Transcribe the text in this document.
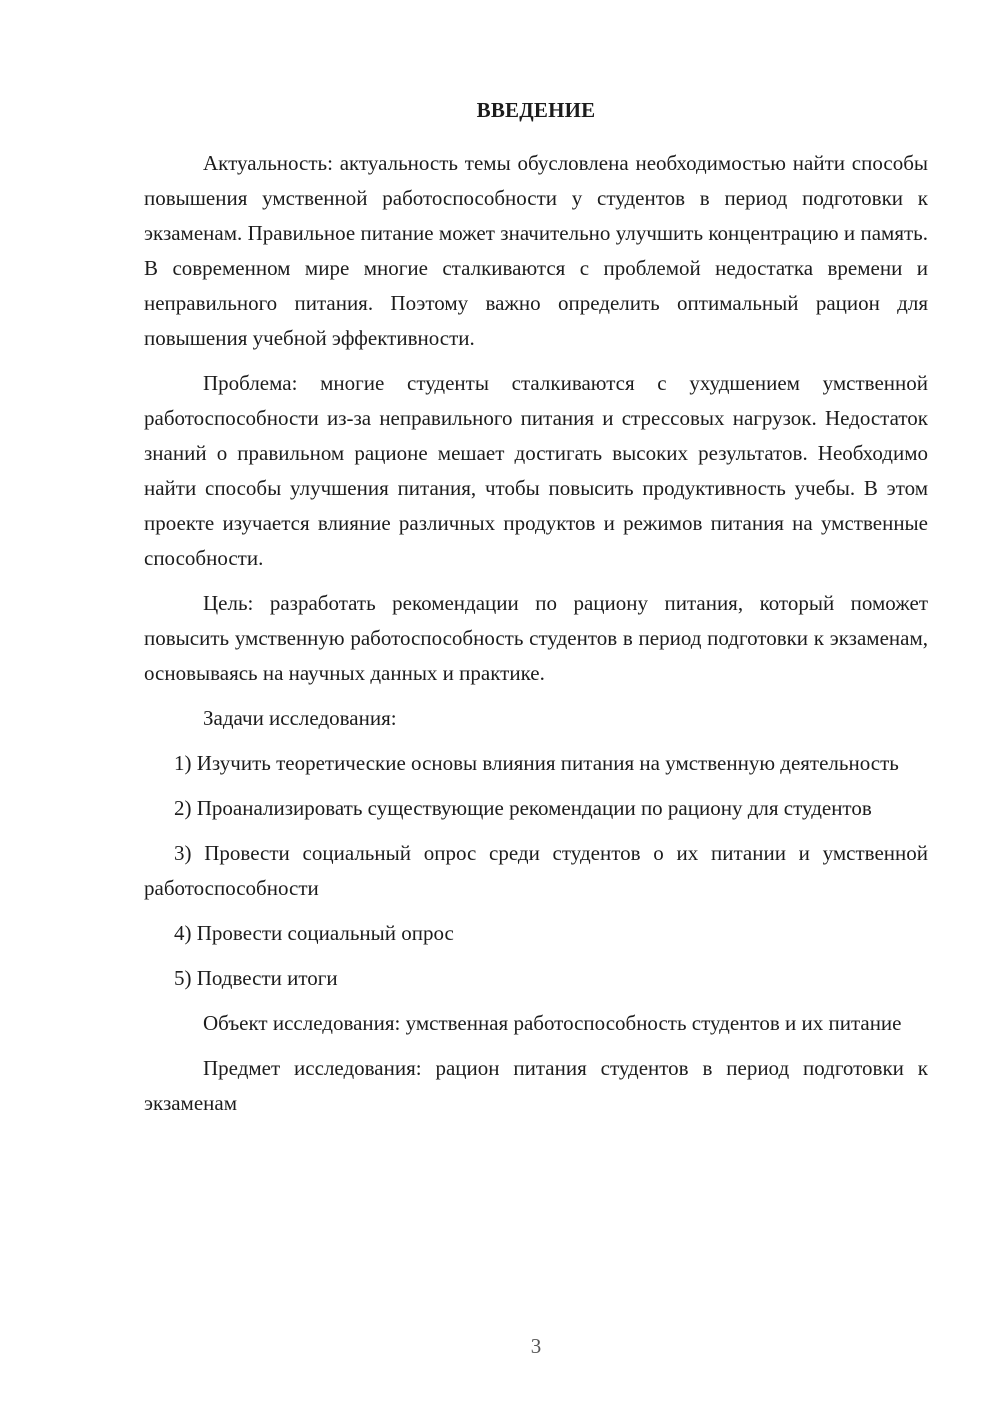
ВВЕДЕНИЕ

Актуальность: актуальность темы обусловлена необходимостью найти способы повышения умственной работоспособности у студентов в период подготовки к экзаменам. Правильное питание может значительно улучшить концентрацию и память. В современном мире многие сталкиваются с проблемой недостатка времени и неправильного питания. Поэтому важно определить оптимальный рацион для повышения учебной эффективности.

Проблема: многие студенты сталкиваются с ухудшением умственной работоспособности из-за неправильного питания и стрессовых нагрузок. Недостаток знаний о правильном рационе мешает достигать высоких результатов. Необходимо найти способы улучшения питания, чтобы повысить продуктивность учебы. В этом проекте изучается влияние различных продуктов и режимов питания на умственные способности.

Цель: разработать рекомендации по рациону питания, который поможет повысить умственную работоспособность студентов в период подготовки к экзаменам, основываясь на научных данных и практике.

Задачи исследования:

1) Изучить теоретические основы влияния питания на умственную деятельность

2) Проанализировать существующие рекомендации по рациону для студентов

3) Провести социальный опрос среди студентов о их питании и умственной работоспособности

4) Провести социальный опрос

5) Подвести итоги

Объект исследования: умственная работоспособность студентов и их питание

Предмет исследования: рацион питания студентов в период подготовки к экзаменам

3
